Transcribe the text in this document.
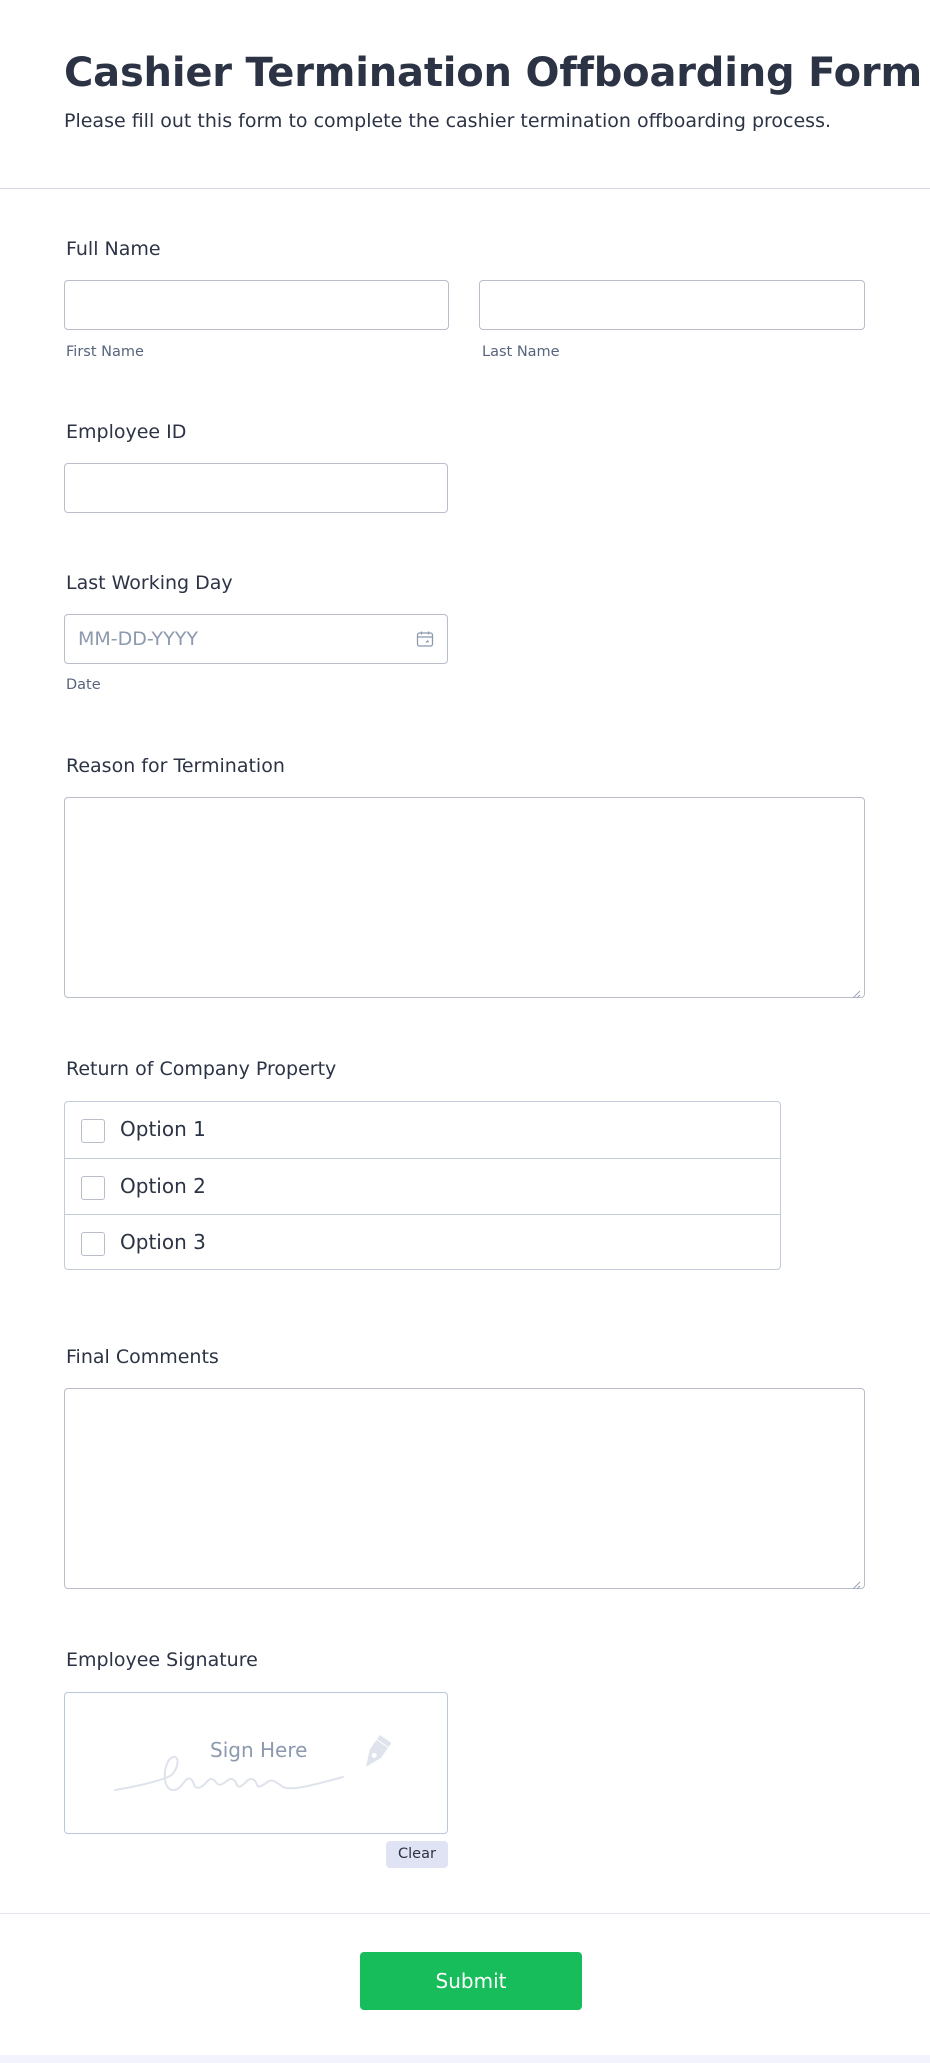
Cashier Termination Offboarding Form
Please fill out this form to complete the cashier termination offboarding process.
Full Name
First Name	Last Name
Employee ID
Last Working Day
MM-DD-YYYY
Date
Reason for Termination
Return of Company Property
Option 1
Option 2
Option 3
Final Comments
Employee Signature
Sign Here
Clear
Submit
